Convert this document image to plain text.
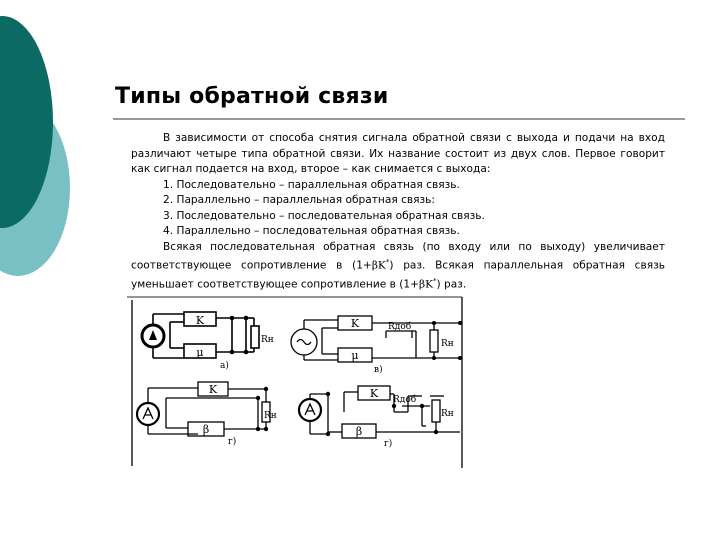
Типы обратной связи

В зависимости от способа снятия сигнала обратной связи с выхода и подачи на вход различают четыре типа обратной связи. Их название состоит из двух слов. Первое говорит как сигнал подается на вход, второе – как снимается с выхода:

1. Последовательно – параллельная обратная связь.

2. Параллельно – параллельная обратная связь:

3. Последовательно – последовательная обратная связь.

4. Параллельно – последовательная обратная связь.

Всякая последовательная обратная связь (по входу или по выходу) увеличивает соответствующее сопротивление в (1+βK*) раз. Всякая параллельная обратная связь уменьшает соответствующее сопротивление в (1+βK*) раз.

K
μ
Rн
а)
K
μ
Rдоб
Rн
в)
K
β
Rн
г)
K
β
Rдоб
Rн
г)
